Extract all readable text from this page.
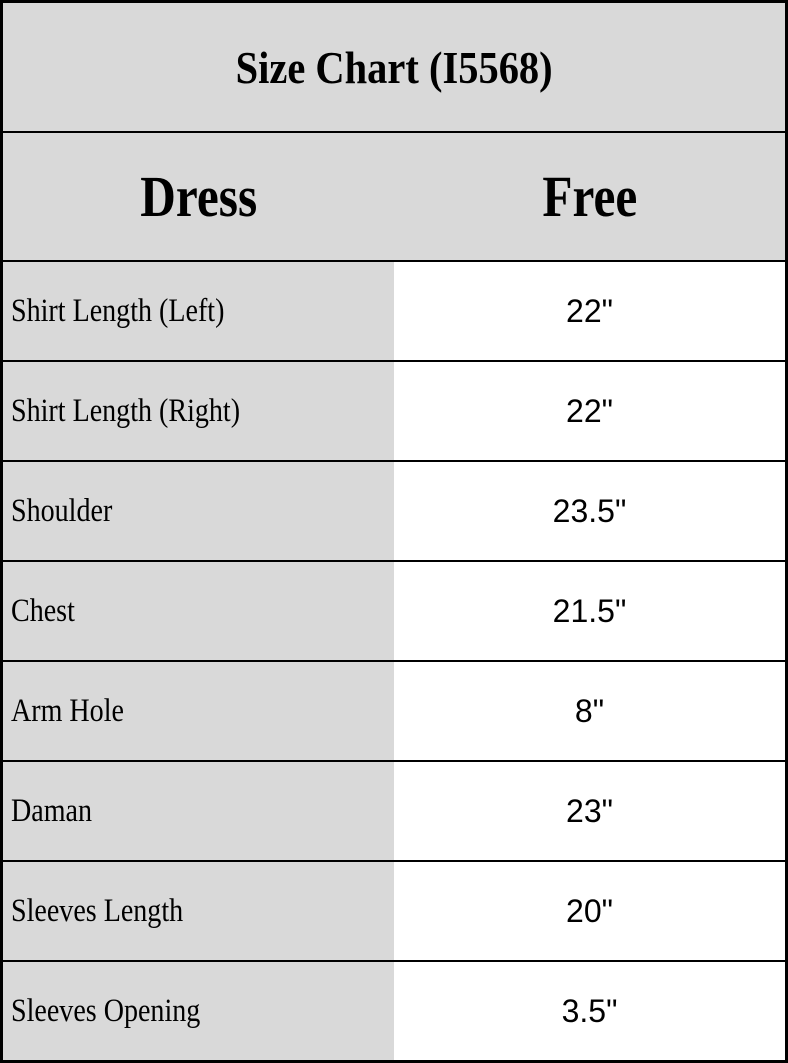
Size Chart (I5568)
Dress	Free
Shirt Length (Left)	22"
Shirt Length (Right)	22"
Shoulder	23.5"
Chest	21.5"
Arm Hole	8"
Daman	23"
Sleeves Length	20"
Sleeves Opening	3.5"
